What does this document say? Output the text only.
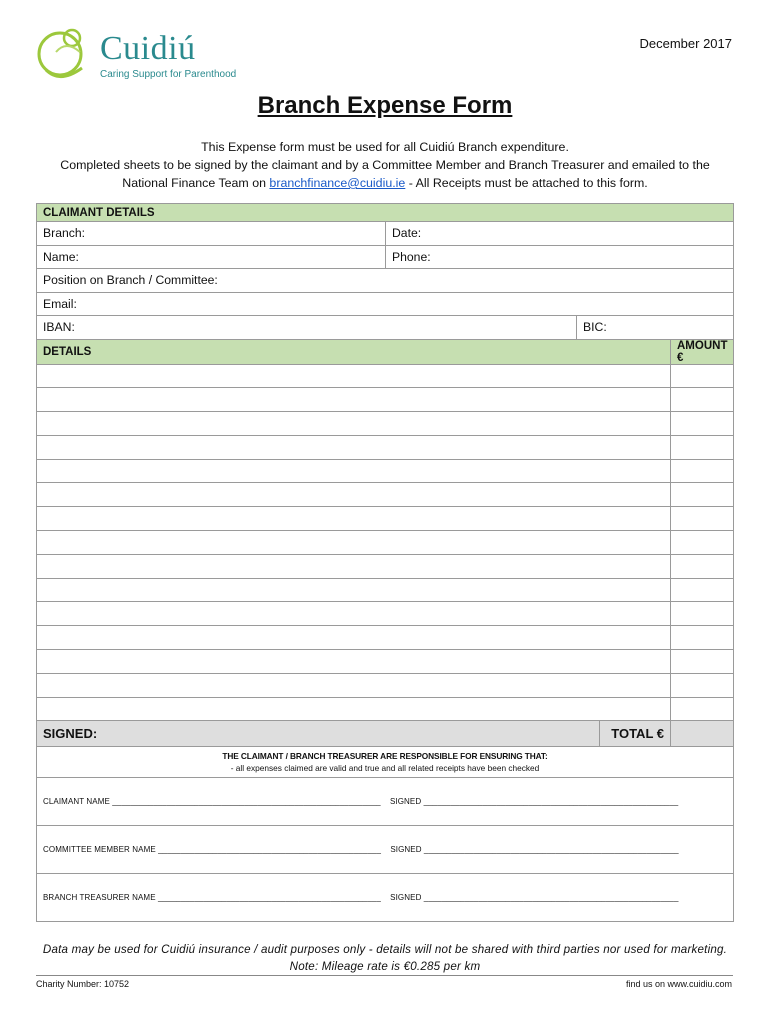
Cuidiú
Caring Support for Parenthood
December 2017
Branch Expense Form
This Expense form must be used for all Cuidiú Branch expenditure.
Completed sheets to be signed by the claimant and by a Committee Member and Branch Treasurer and emailed to the
National Finance Team on branchfinance@cuidiu.ie - All Receipts must be attached to this form.
CLAIMANT DETAILS				
Branch:	Date:			
Name:	Phone:			
Position on Branch / Committee:				
Email:				
IBAN:		BIC:		
DETAILS				AMOUNT €

SIGNED:			TOTAL €	
THE CLAIMANT / BRANCH TREASURER ARE RESPONSIBLE FOR ENSURING THAT:
- all expenses claimed are valid and true and all related receipts have been checked				
CLAIMANT NAME ___________________________________________________________ SIGNED ________________________________________________________				
COMMITTEE MEMBER NAME _________________________________________________ SIGNED ________________________________________________________				
BRANCH TREASURER NAME _________________________________________________ SIGNED ________________________________________________________				
Data may be used for Cuidiú insurance / audit purposes only - details will not be shared with third parties nor used for marketing.
Note: Mileage rate is €0.285 per km
Charity Number: 10752	find us on www.cuidiu.com
